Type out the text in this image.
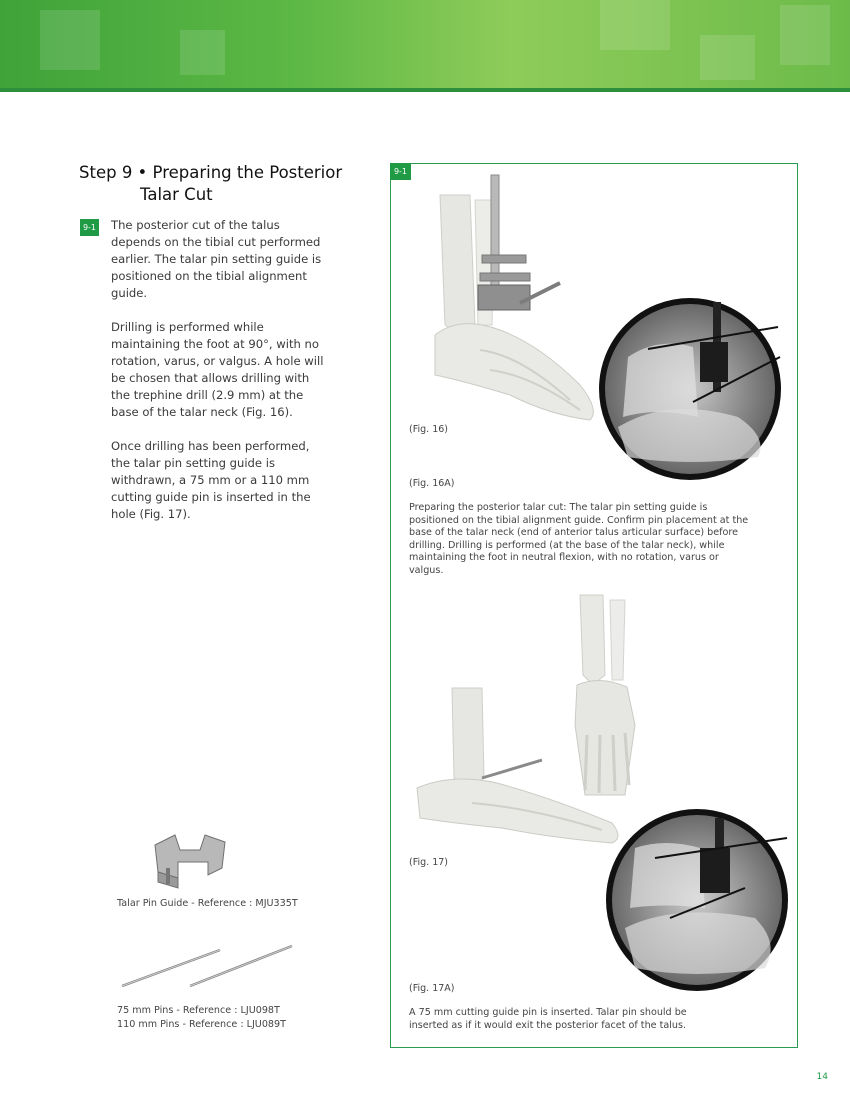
Step 9 • Preparing the Posterior
Talar Cut
9-1 The posterior cut of the talus depends on the tibial cut performed earlier. The talar pin setting guide is positioned on the tibial alignment guide.

Drilling is performed while maintaining the foot at 90°, with no rotation, varus, or valgus. A hole will be chosen that allows drilling with the trephine drill (2.9 mm) at the base of the talar neck (Fig. 16).

Once drilling has been performed, the talar pin setting guide is withdrawn, a 75 mm or a 110 mm cutting guide pin is inserted in the hole (Fig. 17).

9-1
(Fig. 16)
(Fig. 16A)
Preparing the posterior talar cut: The talar pin setting guide is positioned on the tibial alignment guide. Confirm pin placement at the base of the talar neck (end of anterior talus articular surface) before drilling. Drilling is performed (at the base of the talar neck), while maintaining the foot in neutral flexion, with no rotation, varus or valgus.
(Fig. 17)
(Fig. 17A)
A 75 mm cutting guide pin is inserted. Talar pin should be inserted as if it would exit the posterior facet of the talus.
Talar Pin Guide - Reference : MJU335T
75 mm Pins - Reference : LJU098T
110 mm Pins - Reference : LJU089T
14
